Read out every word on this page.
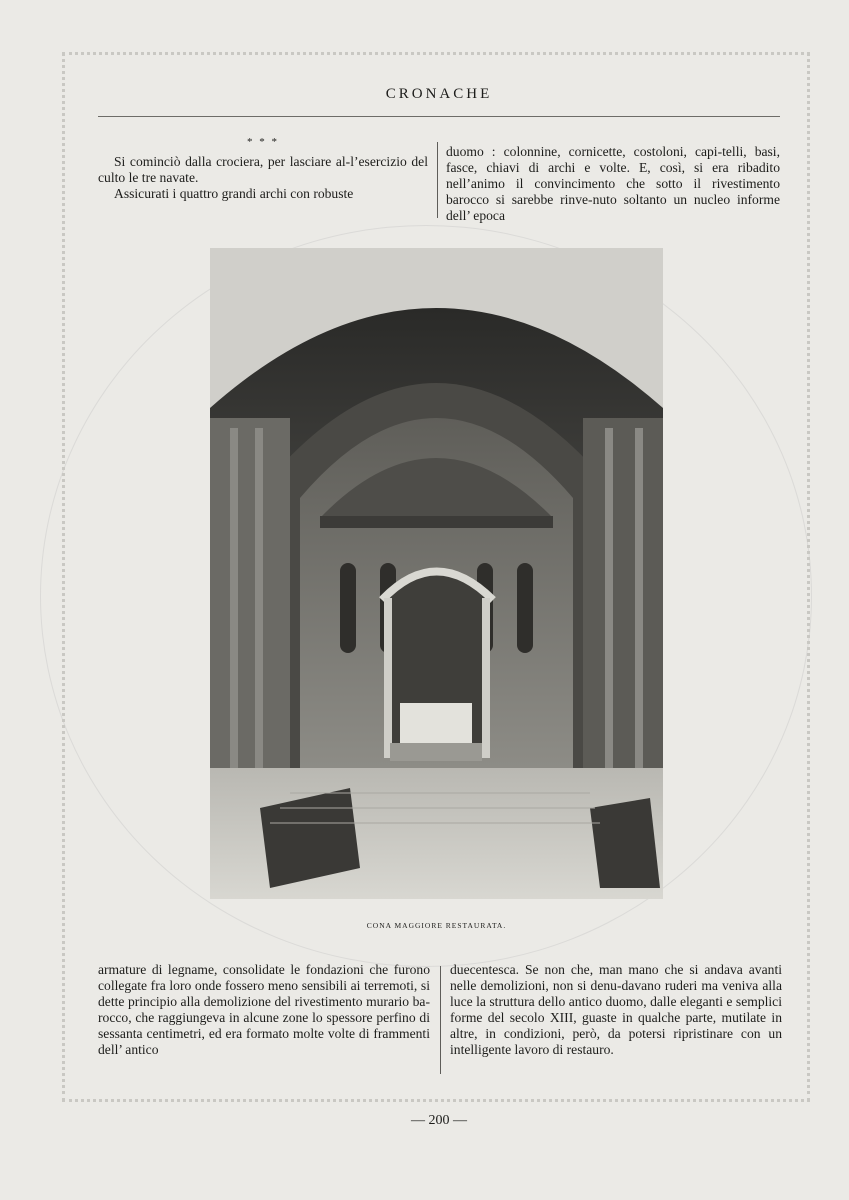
CRONACHE
* * *

Si cominciò dalla crociera, per lasciare al-l’esercizio del culto le tre navate.

Assicurati i quattro grandi archi con robuste

duomo : colonnine, cornicette, costoloni, capi-telli, basi, fasce, chiavi di archi e volte. E, così, si era ribadito nell’animo il convincimento che sotto il rivestimento barocco si sarebbe rinve-nuto soltanto un nucleo informe dell’ epoca

CONA MAGGIORE RESTAURATA.

armature di legname, consolidate le fondazioni che furono collegate fra loro onde fossero meno sensibili ai terremoti, si dette principio alla demolizione del rivestimento murario ba-rocco, che raggiungeva in alcune zone lo spessore perfino di sessanta centimetri, ed era formato molte volte di frammenti dell’ antico

duecentesca. Se non che, man mano che si andava avanti nelle demolizioni, non si denu-davano ruderi ma veniva alla luce la struttura dello antico duomo, dalle eleganti e semplici forme del secolo XIII, guaste in qualche parte, mutilate in altre, in condizioni, però, da potersi ripristinare con un intelligente lavoro di restauro.

— 200 —
